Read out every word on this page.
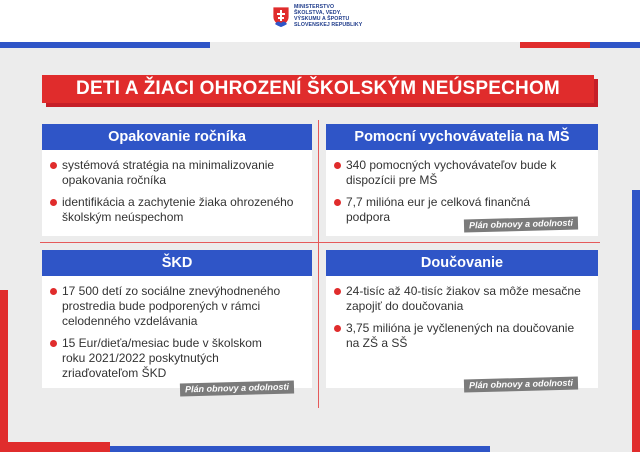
MINISTERSTVO
ŠKOLSTVA, VEDY,
VÝSKUMU A ŠPORTU
SLOVENSKEJ REPUBLIKY
DETI A ŽIACI OHROZENÍ ŠKOLSKÝM NEÚSPECHOM
Opakovanie ročníka
systémová stratégia na minimalizovanie opakovania ročníka
identifikácia a zachytenie žiaka ohrozeného školským neúspechom
Pomocní vychovávatelia na MŠ
340 pomocných vychovávateľov bude k dispozícii pre MŠ
7,7 milióna eur je celková finančná podpora
Plán obnovy a odolnosti
ŠKD
17 500 detí zo sociálne znevýhodneného prostredia bude podporených v rámci celodenného vzdelávania
15 Eur/dieťa/mesiac bude v školskom roku 2021/2022 poskytnutých zriaďovateľom ŠKD
Plán obnovy a odolnosti
Doučovanie
24-tisíc až 40-tisíc žiakov sa môže mesačne zapojiť do doučovania
3,75 milióna je vyčlenených na doučovanie na ZŠ a SŠ
Plán obnovy a odolnosti
